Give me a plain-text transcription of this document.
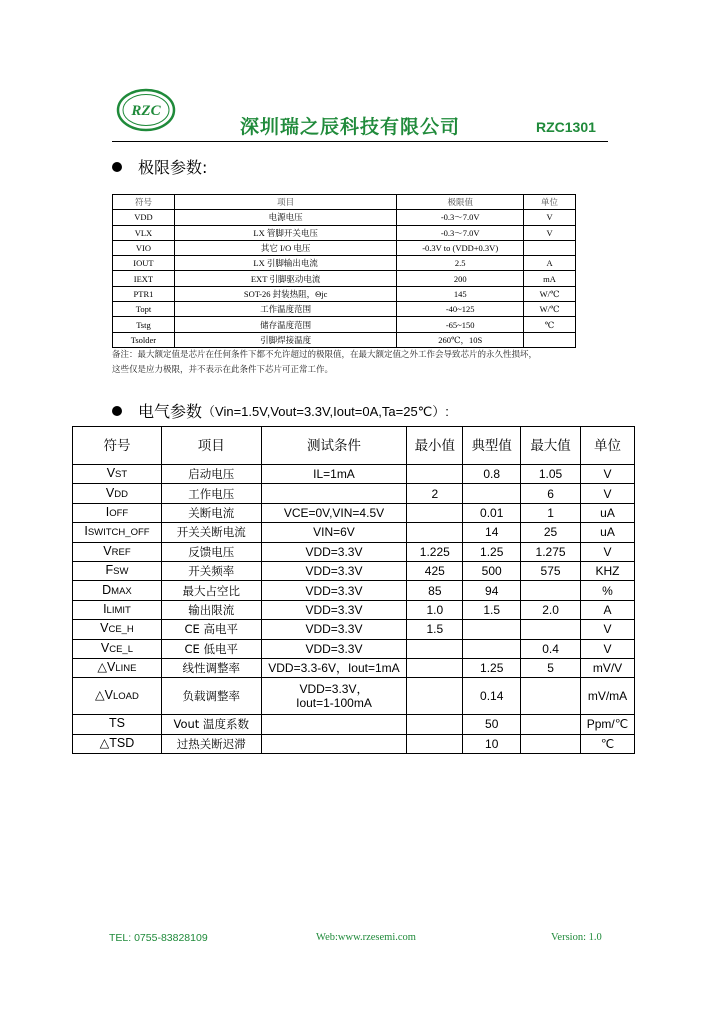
RZC
深圳瑞之辰科技有限公司	RZC1301
极限参数:
符号	项目	极限值	单位
VDD	电源电压	-0.3～7.0V	V
VLX	LX 管脚开关电压	-0.3～7.0V	V
VIO	其它 I/O 电压	-0.3V to (VDD+0.3V)	
IOUT	LX 引脚输出电流	2.5	A
IEXT	EXT 引脚驱动电流	200	mA
PTR1	SOT-26 封装热阻，Θjc	145	W/℃
Topt	工作温度范围	-40~125	W/℃
Tstg	储存温度范围	-65~150	℃
Tsolder	引脚焊接温度	260℃，10S	
备注：最大额定值是芯片在任何条件下都不允许超过的极限值，在最大额定值之外工作会导致芯片的永久性损坏，
这些仅是应力极限，并不表示在此条件下芯片可正常工作。
电气参数 （Vin=1.5V,Vout=3.3V,Iout=0A,Ta=25℃）:
符号	项目	测试条件	最小值	典型值	最大值	单位
VST	启动电压	IL=1mA		0.8	1.05	V
VDD	工作电压		2		6	V
IOFF	关断电流	VCE=0V,VIN=4.5V		0.01	1	uA
ISWITCH_OFF	开关关断电流	VIN=6V		14	25	uA
VREF	反馈电压	VDD=3.3V	1.225	1.25	1.275	V
FSW	开关频率	VDD=3.3V	425	500	575	KHZ
DMAX	最大占空比	VDD=3.3V	85	94		%
ILIMIT	输出限流	VDD=3.3V	1.0	1.5	2.0	A
VCE_H	CE 高电平	VDD=3.3V	1.5			V
VCE_L	CE 低电平	VDD=3.3V			0.4	V
△VLINE	线性调整率	VDD=3.3-6V，Iout=1mA		1.25	5	mV/V
△VLOAD	负载调整率	VDD=3.3V，
Iout=1-100mA		0.14		mV/mA
TS	Vout 温度系数			50		Ppm/℃
△TSD	过热关断迟滞			10		℃
TEL: 0755-83828109	Web:www.rzesemi.com	Version: 1.0
